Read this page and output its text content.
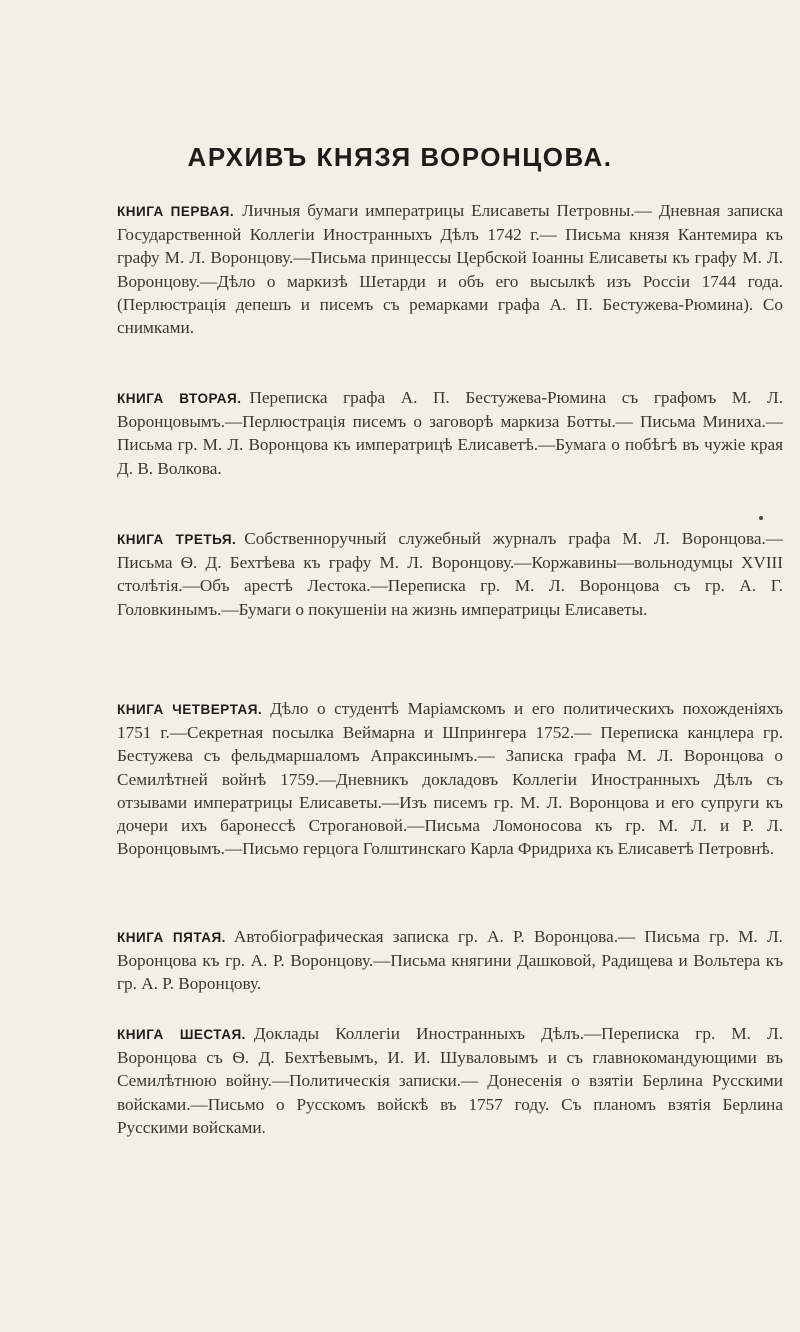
АРХИВЪ КНЯЗЯ ВОРОНЦОВА.
КНИГА ПЕРВАЯ. Личныя бумаги императрицы Елисаветы Петровны.— Дневная записка Государственной Коллегіи Иностранныхъ Дѣлъ 1742 г.— Письма князя Кантемира къ графу М. Л. Воронцову.—Письма принцессы Цербской Іоанны Елисаветы къ графу М. Л. Воронцову.—Дѣло о маркизѣ Шетарди и объ его высылкѣ изъ Россіи 1744 года. (Перлюстрація депешъ и писемъ съ ремарками графа А. П. Бестужева-Рюмина). Со снимками.
КНИГА ВТОРАЯ. Переписка графа А. П. Бестужева-Рюмина съ графомъ М. Л. Воронцовымъ.—Перлюстрація писемъ о заговорѣ маркиза Ботты.— Письма Миниха.—Письма гр. М. Л. Воронцова къ императрицѣ Елисаветѣ.—Бумага о побѣгѣ въ чужіе края Д. В. Волкова.
КНИГА ТРЕТЬЯ. Собственноручный служебный журналъ графа М. Л. Воронцова.—Письма Ѳ. Д. Бехтѣева къ графу М. Л. Воронцову.—Коржавины—вольнодумцы XVIII столѣтія.—Объ арестѣ Лестока.—Переписка гр. М. Л. Воронцова съ гр. А. Г. Головкинымъ.—Бумаги о покушеніи на жизнь императрицы Елисаветы.
КНИГА ЧЕТВЕРТАЯ. Дѣло о студентѣ Маріамскомъ и его политическихъ похожденіяхъ 1751 г.—Секретная посылка Веймарна и Шпрингера 1752.— Переписка канцлера гр. Бестужева съ фельдмаршаломъ Апраксинымъ.— Записка графа М. Л. Воронцова о Семилѣтней войнѣ 1759.—Дневникъ докладовъ Коллегіи Иностранныхъ Дѣлъ съ отзывами императрицы Елисаветы.—Изъ писемъ гр. М. Л. Воронцова и его супруги къ дочери ихъ баронессѣ Строгановой.—Письма Ломоносова къ гр. М. Л. и Р. Л. Воронцовымъ.—Письмо герцога Голштинскаго Карла Фридриха къ Елисаветѣ Петровнѣ.
КНИГА ПЯТАЯ. Автобіографическая записка гр. А. Р. Воронцова.— Письма гр. М. Л. Воронцова къ гр. А. Р. Воронцову.—Письма княгини Дашковой, Радищева и Вольтера къ гр. А. Р. Воронцову.
КНИГА ШЕСТАЯ. Доклады Коллегіи Иностранныхъ Дѣлъ.—Переписка гр. М. Л. Воронцова съ Ѳ. Д. Бехтѣевымъ, И. И. Шуваловымъ и съ главнокомандующими въ Семилѣтнюю войну.—Политическія записки.— Донесенія о взятіи Берлина Русскими войсками.—Письмо о Русскомъ войскѣ въ 1757 году. Съ планомъ взятія Берлина Русскими войсками.
